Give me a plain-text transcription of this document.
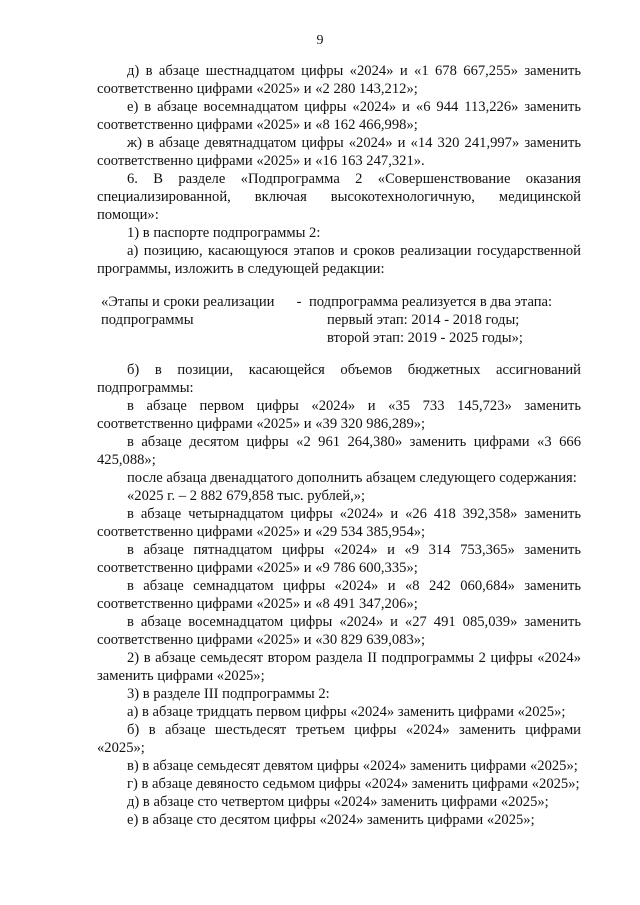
9

д) в абзаце шестнадцатом цифры «2024» и «1 678 667,255» заменить соответственно цифрами «2025» и «2 280 143,212»;

е) в абзаце восемнадцатом цифры «2024» и «6 944 113,226» заменить соответственно цифрами «2025» и «8 162 466,998»;

ж) в абзаце девятнадцатом цифры «2024» и «14 320 241,997» заменить соответственно цифрами «2025» и «16 163 247,321».

6. В разделе «Подпрограмма 2 «Совершенствование оказания специализированной, включая высокотехнологичную, медицинской помощи»:

1) в паспорте подпрограммы 2:

а) позицию, касающуюся этапов и сроков реализации государственной программы, изложить в следующей редакции:

«Этапы и сроки реализации подпрограммы
- подпрограмма реализуется в два этапа:
первый этап: 2014 - 2018 годы;
второй этап: 2019 - 2025 годы»;

б) в позиции, касающейся объемов бюджетных ассигнований подпрограммы:

в абзаце первом цифры «2024» и «35 733 145,723» заменить соответственно цифрами «2025» и «39 320 986,289»;

в абзаце десятом цифры «2 961 264,380» заменить цифрами «3 666 425,088»;

после абзаца двенадцатого дополнить абзацем следующего содержания:

«2025 г. – 2 882 679,858 тыс. рублей,»;

в абзаце четырнадцатом цифры «2024» и «26 418 392,358» заменить соответственно цифрами «2025» и «29 534 385,954»;

в абзаце пятнадцатом цифры «2024» и «9 314 753,365» заменить соответственно цифрами «2025» и «9 786 600,335»;

в абзаце семнадцатом цифры «2024» и «8 242 060,684» заменить соответственно цифрами «2025» и «8 491 347,206»;

в абзаце восемнадцатом цифры «2024» и «27 491 085,039» заменить соответственно цифрами «2025» и «30 829 639,083»;

2) в абзаце семьдесят втором раздела II подпрограммы 2 цифры «2024» заменить цифрами «2025»;

3) в разделе III подпрограммы 2:

а) в абзаце тридцать первом цифры «2024» заменить цифрами «2025»;

б) в абзаце шестьдесят третьем цифры «2024» заменить цифрами «2025»;

в) в абзаце семьдесят девятом цифры «2024» заменить цифрами «2025»;

г) в абзаце девяносто седьмом цифры «2024» заменить цифрами «2025»;

д) в абзаце сто четвертом цифры «2024» заменить цифрами «2025»;

е) в абзаце сто десятом цифры «2024» заменить цифрами «2025»;
